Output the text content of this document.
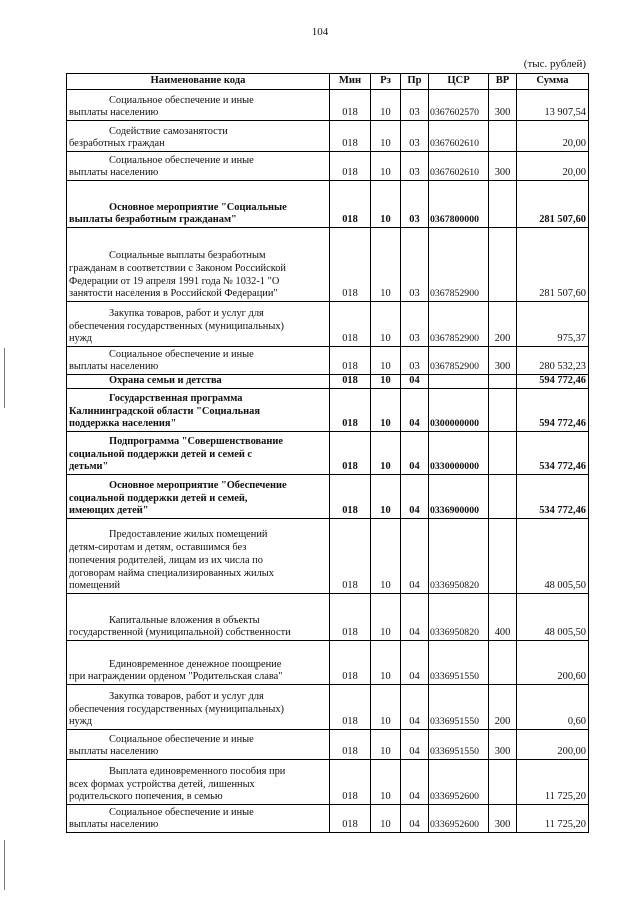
104
(тыс. рублей)
Наименование кода	Мин	Рз	Пр	ЦСР	ВР	Сумма

Социальное обеспечение и иные
выплаты населению	018	10	03	0367602570	300	13 907,54

Содействие самозанятости
безработных граждан	018	10	03	0367602610		20,00

Социальное обеспечение и иные
выплаты населению	018	10	03	0367602610	300	20,00

Основное мероприятие "Социальные
выплаты безработным гражданам"	018	10	03	0367800000		281 507,60

Социальные выплаты безработным
гражданам в соответствии с Законом Российской
Федерации от 19 апреля 1991 года № 1032-1 "О
занятости населения в Российской Федерации"	018	10	03	0367852900		281 507,60

Закупка товаров, работ и услуг для
обеспечения государственных (муниципальных)
нужд	018	10	03	0367852900	200	975,37

Социальное обеспечение и иные
выплаты населению	018	10	03	0367852900	300	280 532,23

Охрана семьи и детства	018	10	04			594 772,46

Государственная программа
Калининградской области "Социальная
поддержка населения"	018	10	04	0300000000		594 772,46

Подпрограмма "Совершенствование
социальной поддержки детей и семей с
детьми"	018	10	04	0330000000		534 772,46

Основное мероприятие "Обеспечение
социальной поддержки детей и семей,
имеющих детей"	018	10	04	0336900000		534 772,46

Предоставление жилых помещений
детям-сиротам и детям, оставшимся без
попечения родителей, лицам из их числа по
договорам найма специализированных жилых
помещений	018	10	04	0336950820		48 005,50

Капитальные вложения в объекты
государственной (муниципальной) собственности	018	10	04	0336950820	400	48 005,50

Единовременное денежное поощрение
при награждении орденом "Родительская слава"	018	10	04	0336951550		200,60

Закупка товаров, работ и услуг для
обеспечения государственных (муниципальных)
нужд	018	10	04	0336951550	200	0,60

Социальное обеспечение и иные
выплаты населению	018	10	04	0336951550	300	200,00

Выплата единовременного пособия при
всех формах устройства детей, лишенных
родительского попечения, в семью	018	10	04	0336952600		11 725,20

Социальное обеспечение и иные
выплаты населению	018	10	04	0336952600	300	11 725,20
